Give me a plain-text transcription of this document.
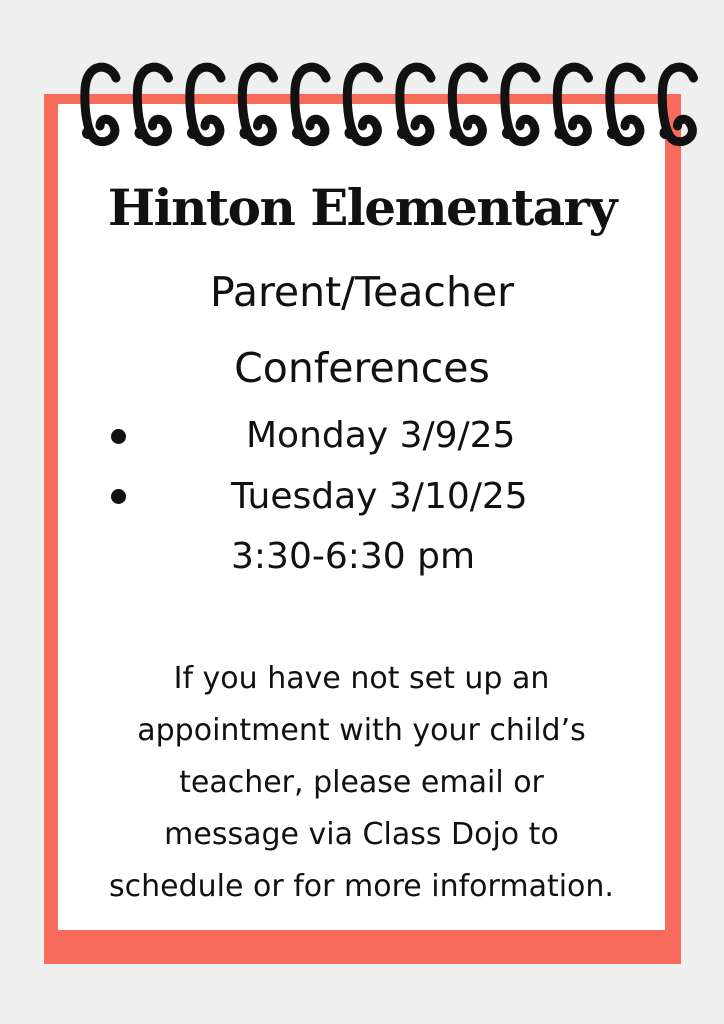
Hinton Elementary
Parent/Teacher
Conferences
Monday 3/9/25
Tuesday 3/10/25
3:30-6:30 pm

If you have not set up an
appointment with your child’s
teacher, please email or
message via Class Dojo to
schedule or for more information.
